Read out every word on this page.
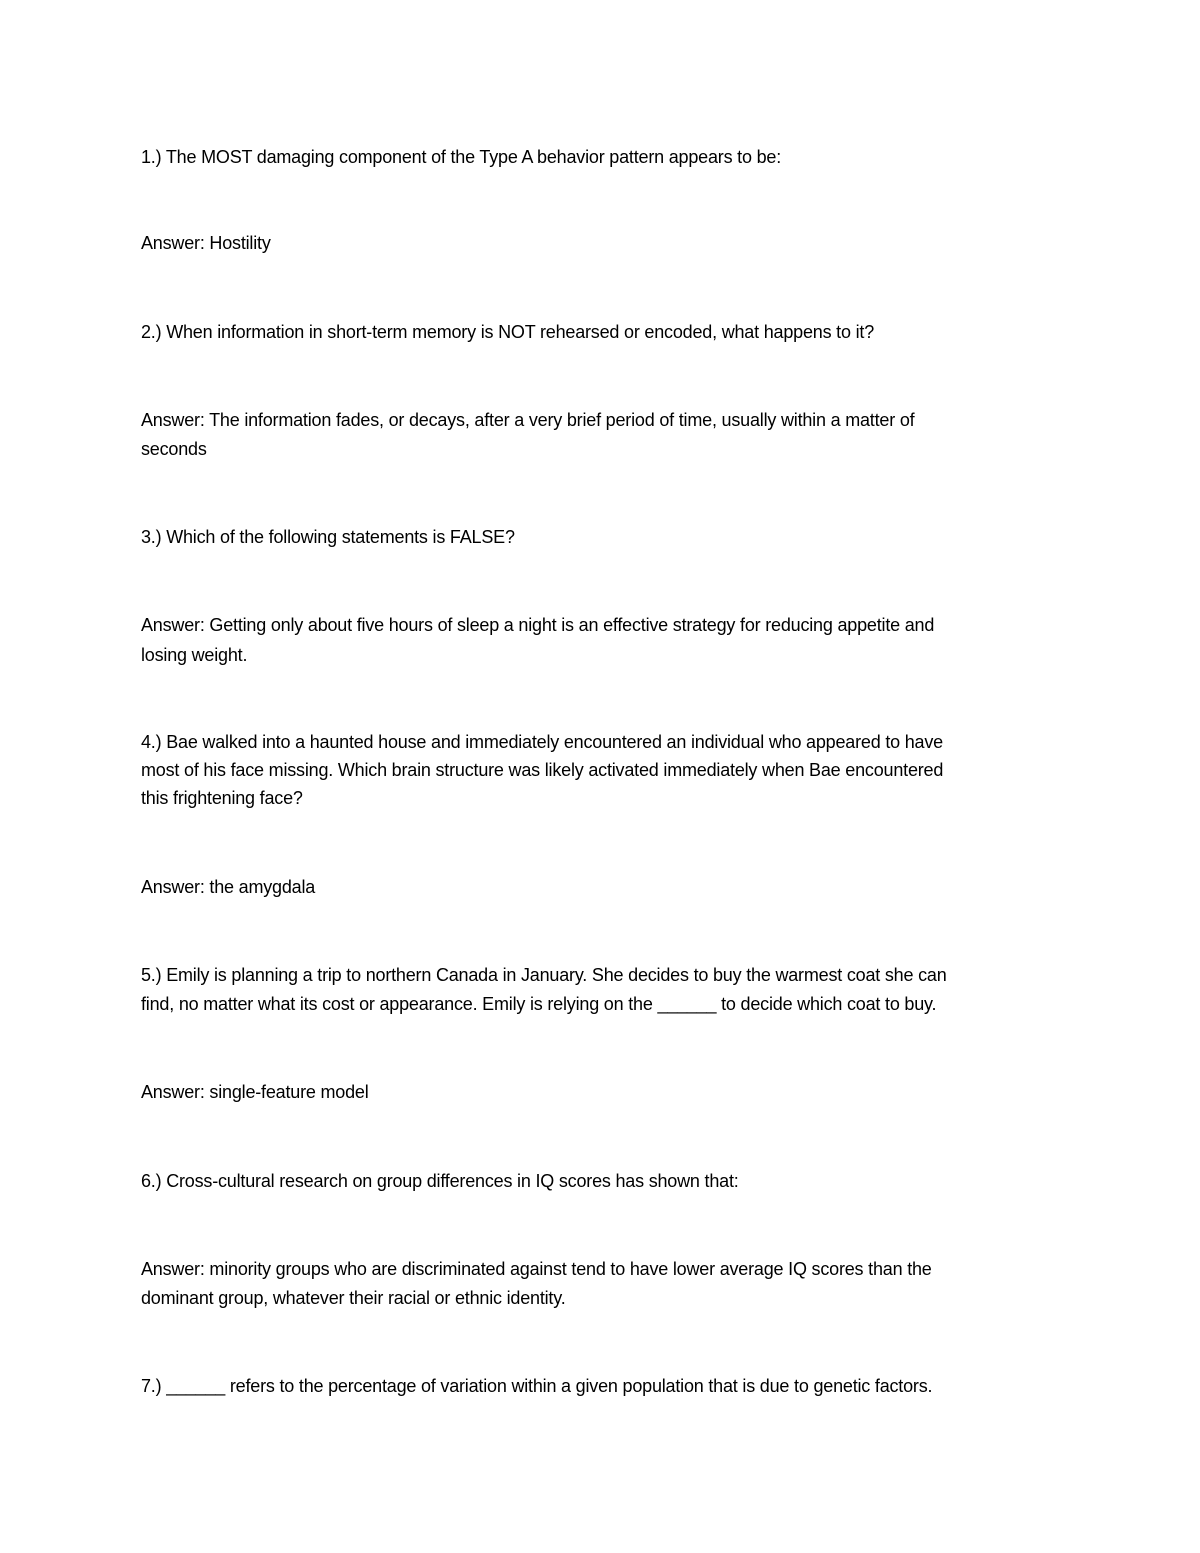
1.) The MOST damaging component of the Type A behavior pattern appears to be:
Answer: Hostility
2.) When information in short-term memory is NOT rehearsed or encoded, what happens to it?
Answer: The information fades, or decays, after a very brief period of time, usually within a matter of
seconds
3.) Which of the following statements is FALSE?
Answer: Getting only about five hours of sleep a night is an effective strategy for reducing appetite and
losing weight.
4.) Bae walked into a haunted house and immediately encountered an individual who appeared to have
most of his face missing. Which brain structure was likely activated immediately when Bae encountered
this frightening face?
Answer: the amygdala
5.) Emily is planning a trip to northern Canada in January. She decides to buy the warmest coat she can
find, no matter what its cost or appearance. Emily is relying on the ______ to decide which coat to buy.
Answer: single-feature model
6.) Cross-cultural research on group differences in IQ scores has shown that:
Answer: minority groups who are discriminated against tend to have lower average IQ scores than the
dominant group, whatever their racial or ethnic identity.
7.) ______ refers to the percentage of variation within a given population that is due to genetic factors.
